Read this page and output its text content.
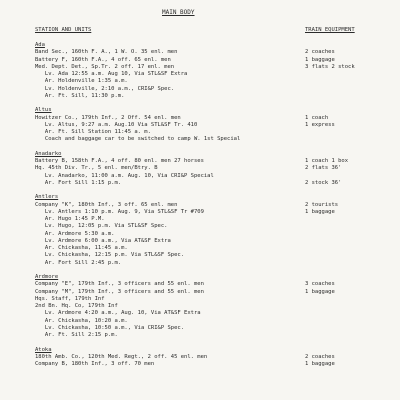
MAIN BODY
STATION AND UNITS	TRAIN EQUIPMENT
Ada
Band Sec., 160th F. A., 1 W. O. 35 enl. men	2 coaches
Battery F, 160th F.A., 4 off. 65 enl. men	1 baggage
Med. Dept. Det., Sp.Tr. 2 off. 17 enl. men	3 flats 2 stock
Lv. Ada 12:55 a.m. Aug 10, Via STL&SF Extra
Ar. Holdenville 1:35 a.m.
Lv. Holdenville, 2:10 a.m., CRI&P Spec.
Ar. Ft. Sill, 11:30 p.m.
Altus
Howitzer Co., 179th Inf., 2 Off. 54 enl. men	1 coach
Lv. Altus, 9:27 a.m. Aug.10 Via STL&SF Tr. 410	1 express
Ar. Ft. Sill Station 11:45 a. m.
Coach and baggage car to be switched to camp W. 1st Special
Anadarko
Battery B, 158th F.A., 4 off. 80 enl. men 27 horses	1 coach 1 box
Hq. 45th Div. Tr., 5 enl. men/Btry. B	2 flats 36'
Lv. Anadarko, 11:00 a.m. Aug. 10, Via CRI&P Special
Ar. Fort Sill 1:15 p.m.	2 stock 36'
Antlers
Company "K", 180th Inf., 3 off. 65 enl. men	2 tourists
Lv. Antlers 1:10 p.m. Aug. 9, Via STL&SF Tr #709	1 baggage
Ar. Hugo 1:45 P.M.
Lv. Hugo, 12:05 p.m. Via STL&SF Spec.
Ar. Ardmore 5:30 a.m.
Lv. Ardmore 6:00 a.m., Via AT&SF Extra
Ar. Chickasha, 11:45 a.m.
Lv. Chickasha, 12:15 p.m. Via STL&SF Spec.
Ar. Fort Sill 2:45 p.m.
Ardmore
Company "E", 179th Inf., 3 officers and 55 enl. men	3 coaches
Company "M", 179th Inf., 3 officers and 55 enl. men	1 baggage
Hqs. Staff, 179th Inf
2nd Bn. Hq. Co, 179th Inf
Lv. Ardmore 4:20 a.m., Aug. 10, Via AT&SF Extra
Ar. Chickasha, 10:20 a.m.
Lv. Chickasha, 10:50 a.m., Via CRI&P Spec.
Ar. Ft. Sill 2:15 p.m.
Atoka
180th Amb. Co., 120th Med. Regt., 2 off. 45 enl. men	2 coaches
Company B, 180th Inf., 3 off. 70 men	1 baggage
